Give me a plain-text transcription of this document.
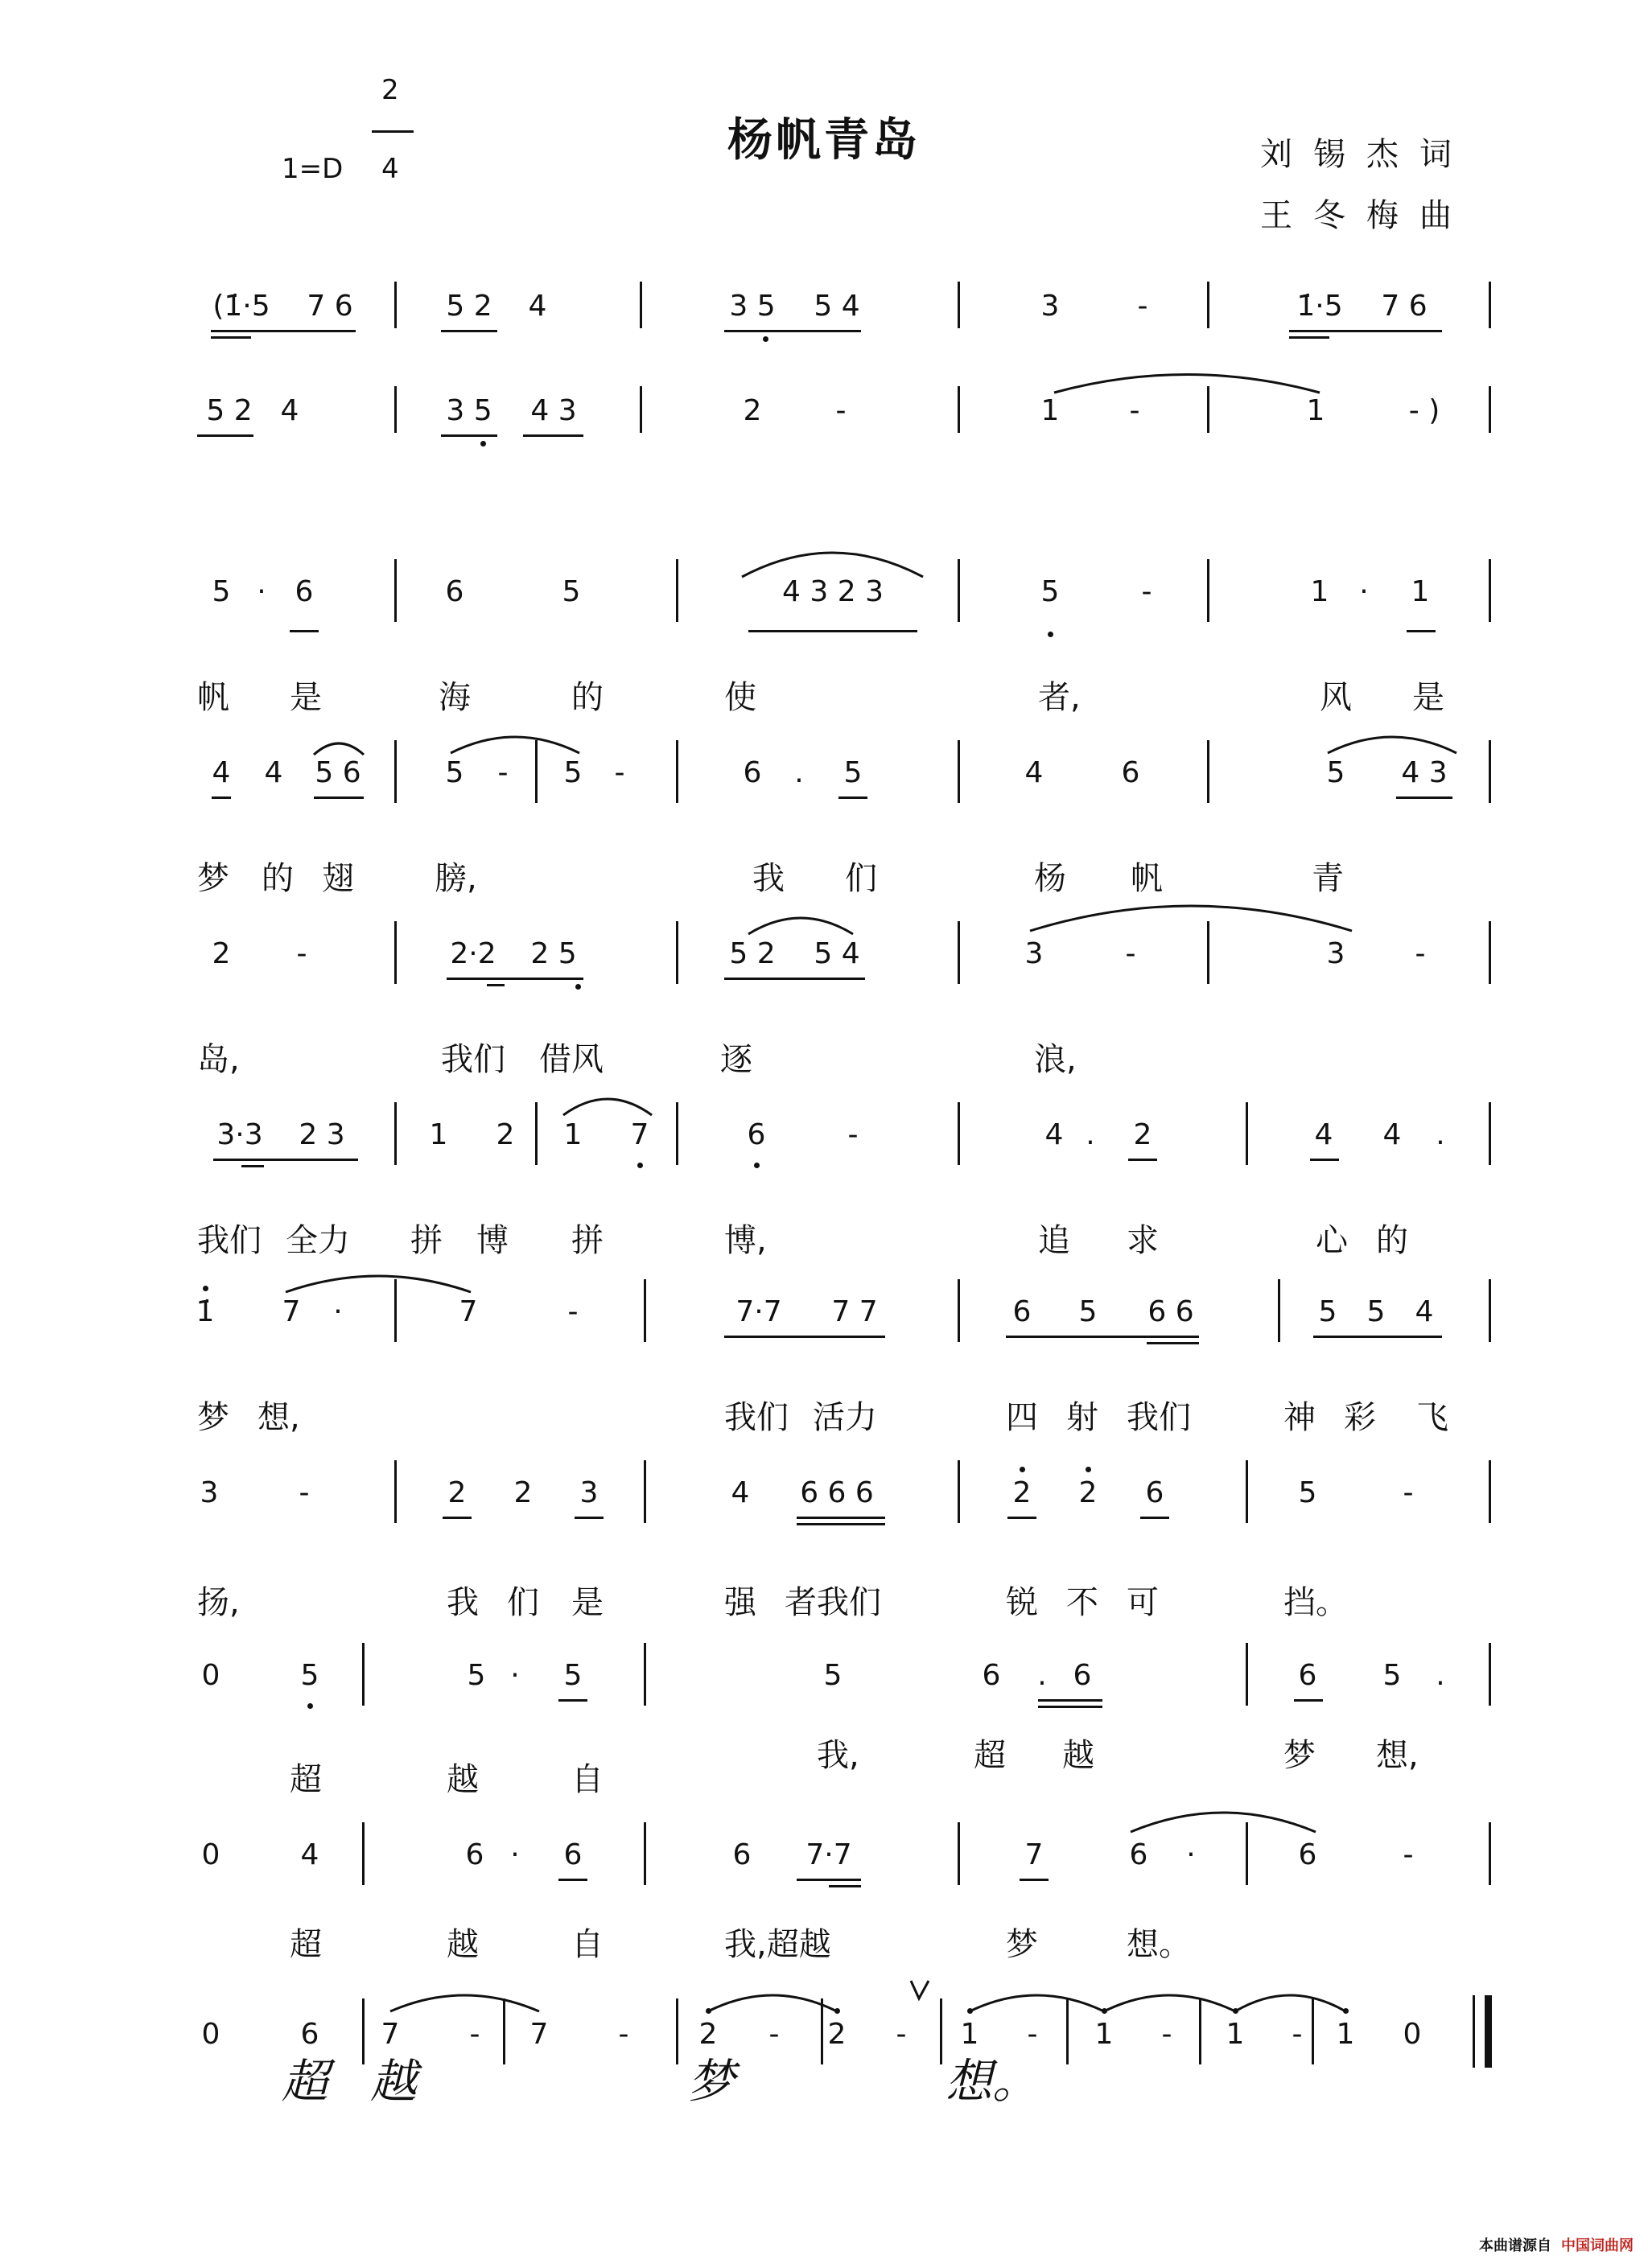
杨帆青岛
1=D
2
4	刘锡杰词
王冬梅曲
(1̇·5 7 6	5 2 4	3 5 5 4	3	-	1̇·5 7 6
5 2 4	3 5 4 3	2	-	1 -	1	- )
5 · 6	6	5	4 3 2 3	5	-	1 · 1
帆 是	海	的	使	者,	风 是
4 4 5 6	5 - 5 -	6 . 5	4	6	5 4 3
梦 的 翅	膀,	我 们	杨 帆	青
2 -	2·2 2 5	5 2 5 4	3	-	3 -
岛,	我们 借风	逐	浪,
3·3 2 3	1 2 1 7	6	-	4 . 2	4 4 .
我们 全力 拼 博 拼	博,	追 求	心 的
1̇ 7 ·	7	-	7·7 7 7	6 5 6 6	5 5 4
梦 想,	我们 活力	四 射 我们	神 彩 飞
3	-	2 2 3	4 6 6 6	2 2 6	5	-
扬,	我 们 是	强 者我们	锐 不 可	挡。
0	5	5 · 5	5	6 . 6	6 5 .
超	越	自
我,	超 越	梦 想,
0	4	6 · 6	6 7·7	7	6 ·	6	-
超	越	自	我,超越	梦	想。
0	6 7 - 7 - 2 - 2 - 1 - 1 - 1 - 1 0
超 越	梦	想。
本曲谱源自 中国词曲网
